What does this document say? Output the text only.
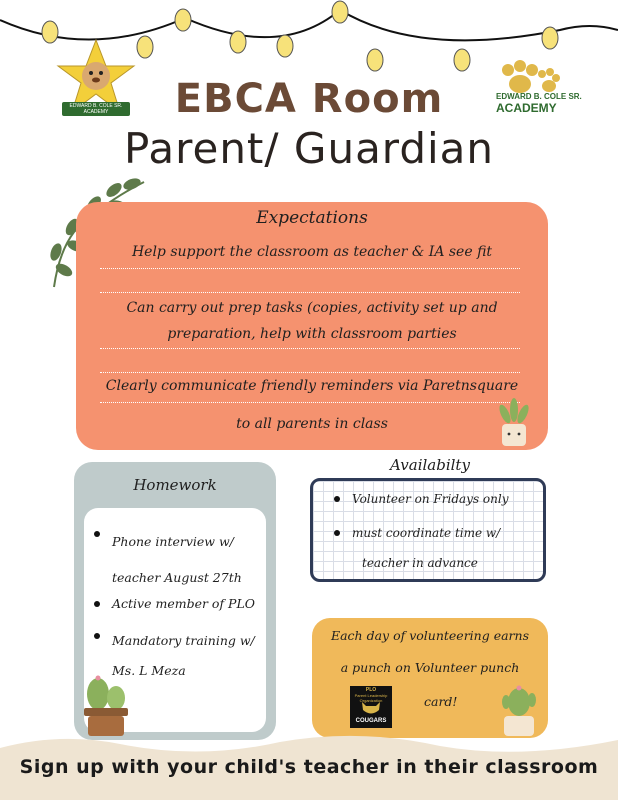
EDWARD B. COLE SR. ACADEMY
EDWARD B. COLE SR.
ACADEMY
EBCA Room
Parent/ Guardian
Expectations
Help support the classroom as teacher & IA see fit
Can carry out prep tasks (copies, activity set up and
preparation, help with classroom parties
Clearly communicate friendly reminders via Paretnsquare
to all parents in class
Homework
Phone interview w/ teacher August 27th
Active member of PLO
Mandatory training w/ Ms. L Meza
Availabilty
Volunteer on Fridays only
must coordinate time w/
teacher in advance
Each day of volunteering earns
a punch on Volunteer punch
card!
PLO
Parent Leadership Organization
COUGARS
Sign up with your child's teacher in their classroom
